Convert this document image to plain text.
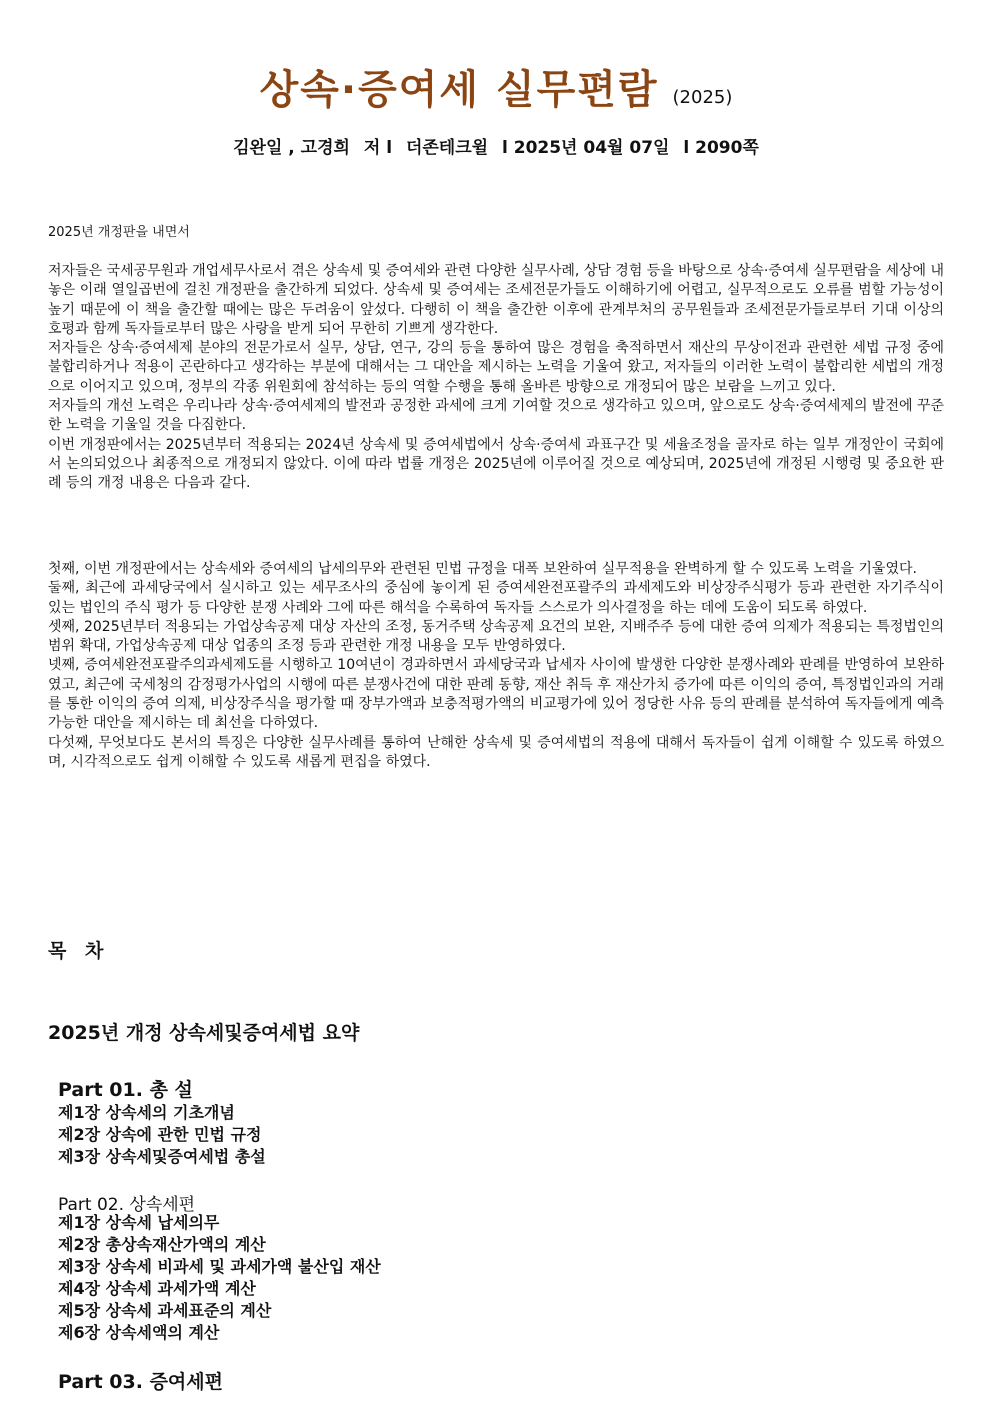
상속·증여세 실무편람 (2025)
김완일 , 고경희 저 l 더존테크윌 l 2025년 04월 07일 l 2090쪽
2025년 개정판을 내면서

저자들은 국세공무원과 개업세무사로서 겪은 상속세 및 증여세와 관련 다양한 실무사례, 상담 경험 등을 바탕으로 상속·증여세 실무편람을 세상에 내놓은 이래 열일곱번에 걸친 개정판을 출간하게 되었다. 상속세 및 증여세는 조세전문가들도 이해하기에 어렵고, 실무적으로도 오류를 범할 가능성이 높기 때문에 이 책을 출간할 때에는 많은 두려움이 앞섰다. 다행히 이 책을 출간한 이후에 관계부처의 공무원들과 조세전문가들로부터 기대 이상의 호평과 함께 독자들로부터 많은 사랑을 받게 되어 무한히 기쁘게 생각한다.

저자들은 상속·증여세제 분야의 전문가로서 실무, 상담, 연구, 강의 등을 통하여 많은 경험을 축적하면서 재산의 무상이전과 관련한 세법 규정 중에 불합리하거나 적용이 곤란하다고 생각하는 부분에 대해서는 그 대안을 제시하는 노력을 기울여 왔고, 저자들의 이러한 노력이 불합리한 세법의 개정으로 이어지고 있으며, 정부의 각종 위원회에 참석하는 등의 역할 수행을 통해 올바른 방향으로 개정되어 많은 보람을 느끼고 있다.

저자들의 개선 노력은 우리나라 상속·증여세제의 발전과 공정한 과세에 크게 기여할 것으로 생각하고 있으며, 앞으로도 상속·증여세제의 발전에 꾸준한 노력을 기울일 것을 다짐한다.

이번 개정판에서는 2025년부터 적용되는 2024년 상속세 및 증여세법에서 상속·증여세 과표구간 및 세율조정을 골자로 하는 일부 개정안이 국회에서 논의되었으나 최종적으로 개정되지 않았다. 이에 따라 법률 개정은 2025년에 이루어질 것으로 예상되며, 2025년에 개정된 시행령 및 중요한 판례 등의 개정 내용은 다음과 같다.

첫째, 이번 개정판에서는 상속세와 증여세의 납세의무와 관련된 민법 규정을 대폭 보완하여 실무적용을 완벽하게 할 수 있도록 노력을 기울였다.

둘째, 최근에 과세당국에서 실시하고 있는 세무조사의 중심에 놓이게 된 증여세완전포괄주의 과세제도와 비상장주식평가 등과 관련한 자기주식이 있는 법인의 주식 평가 등 다양한 분쟁 사례와 그에 따른 해석을 수록하여 독자들 스스로가 의사결정을 하는 데에 도움이 되도록 하였다.

셋째, 2025년부터 적용되는 가업상속공제 대상 자산의 조정, 동거주택 상속공제 요건의 보완, 지배주주 등에 대한 증여 의제가 적용되는 특정법인의 범위 확대, 가업상속공제 대상 업종의 조정 등과 관련한 개정 내용을 모두 반영하였다.

넷째, 증여세완전포괄주의과세제도를 시행하고 10여년이 경과하면서 과세당국과 납세자 사이에 발생한 다양한 분쟁사례와 판례를 반영하여 보완하였고, 최근에 국세청의 감정평가사업의 시행에 따른 분쟁사건에 대한 판례 동향, 재산 취득 후 재산가치 증가에 따른 이익의 증여, 특정법인과의 거래를 통한 이익의 증여 의제, 비상장주식을 평가할 때 장부가액과 보충적평가액의 비교평가에 있어 정당한 사유 등의 판례를 분석하여 독자들에게 예측 가능한 대안을 제시하는 데 최선을 다하였다.

다섯째, 무엇보다도 본서의 특징은 다양한 실무사례를 통하여 난해한 상속세 및 증여세법의 적용에 대해서 독자들이 쉽게 이해할 수 있도록 하였으며, 시각적으로도 쉽게 이해할 수 있도록 새롭게 편집을 하였다.

목 차
2025년 개정 상속세및증여세법 요약
Part 01. 총 설
제1장 상속세의 기초개념
제2장 상속에 관한 민법 규정
제3장 상속세및증여세법 총설
Part 02. 상속세편
제1장 상속세 납세의무
제2장 총상속재산가액의 계산
제3장 상속세 비과세 및 과세가액 불산입 재산
제4장 상속세 과세가액 계산
제5장 상속세 과세표준의 계산
제6장 상속세액의 계산
Part 03. 증여세편
